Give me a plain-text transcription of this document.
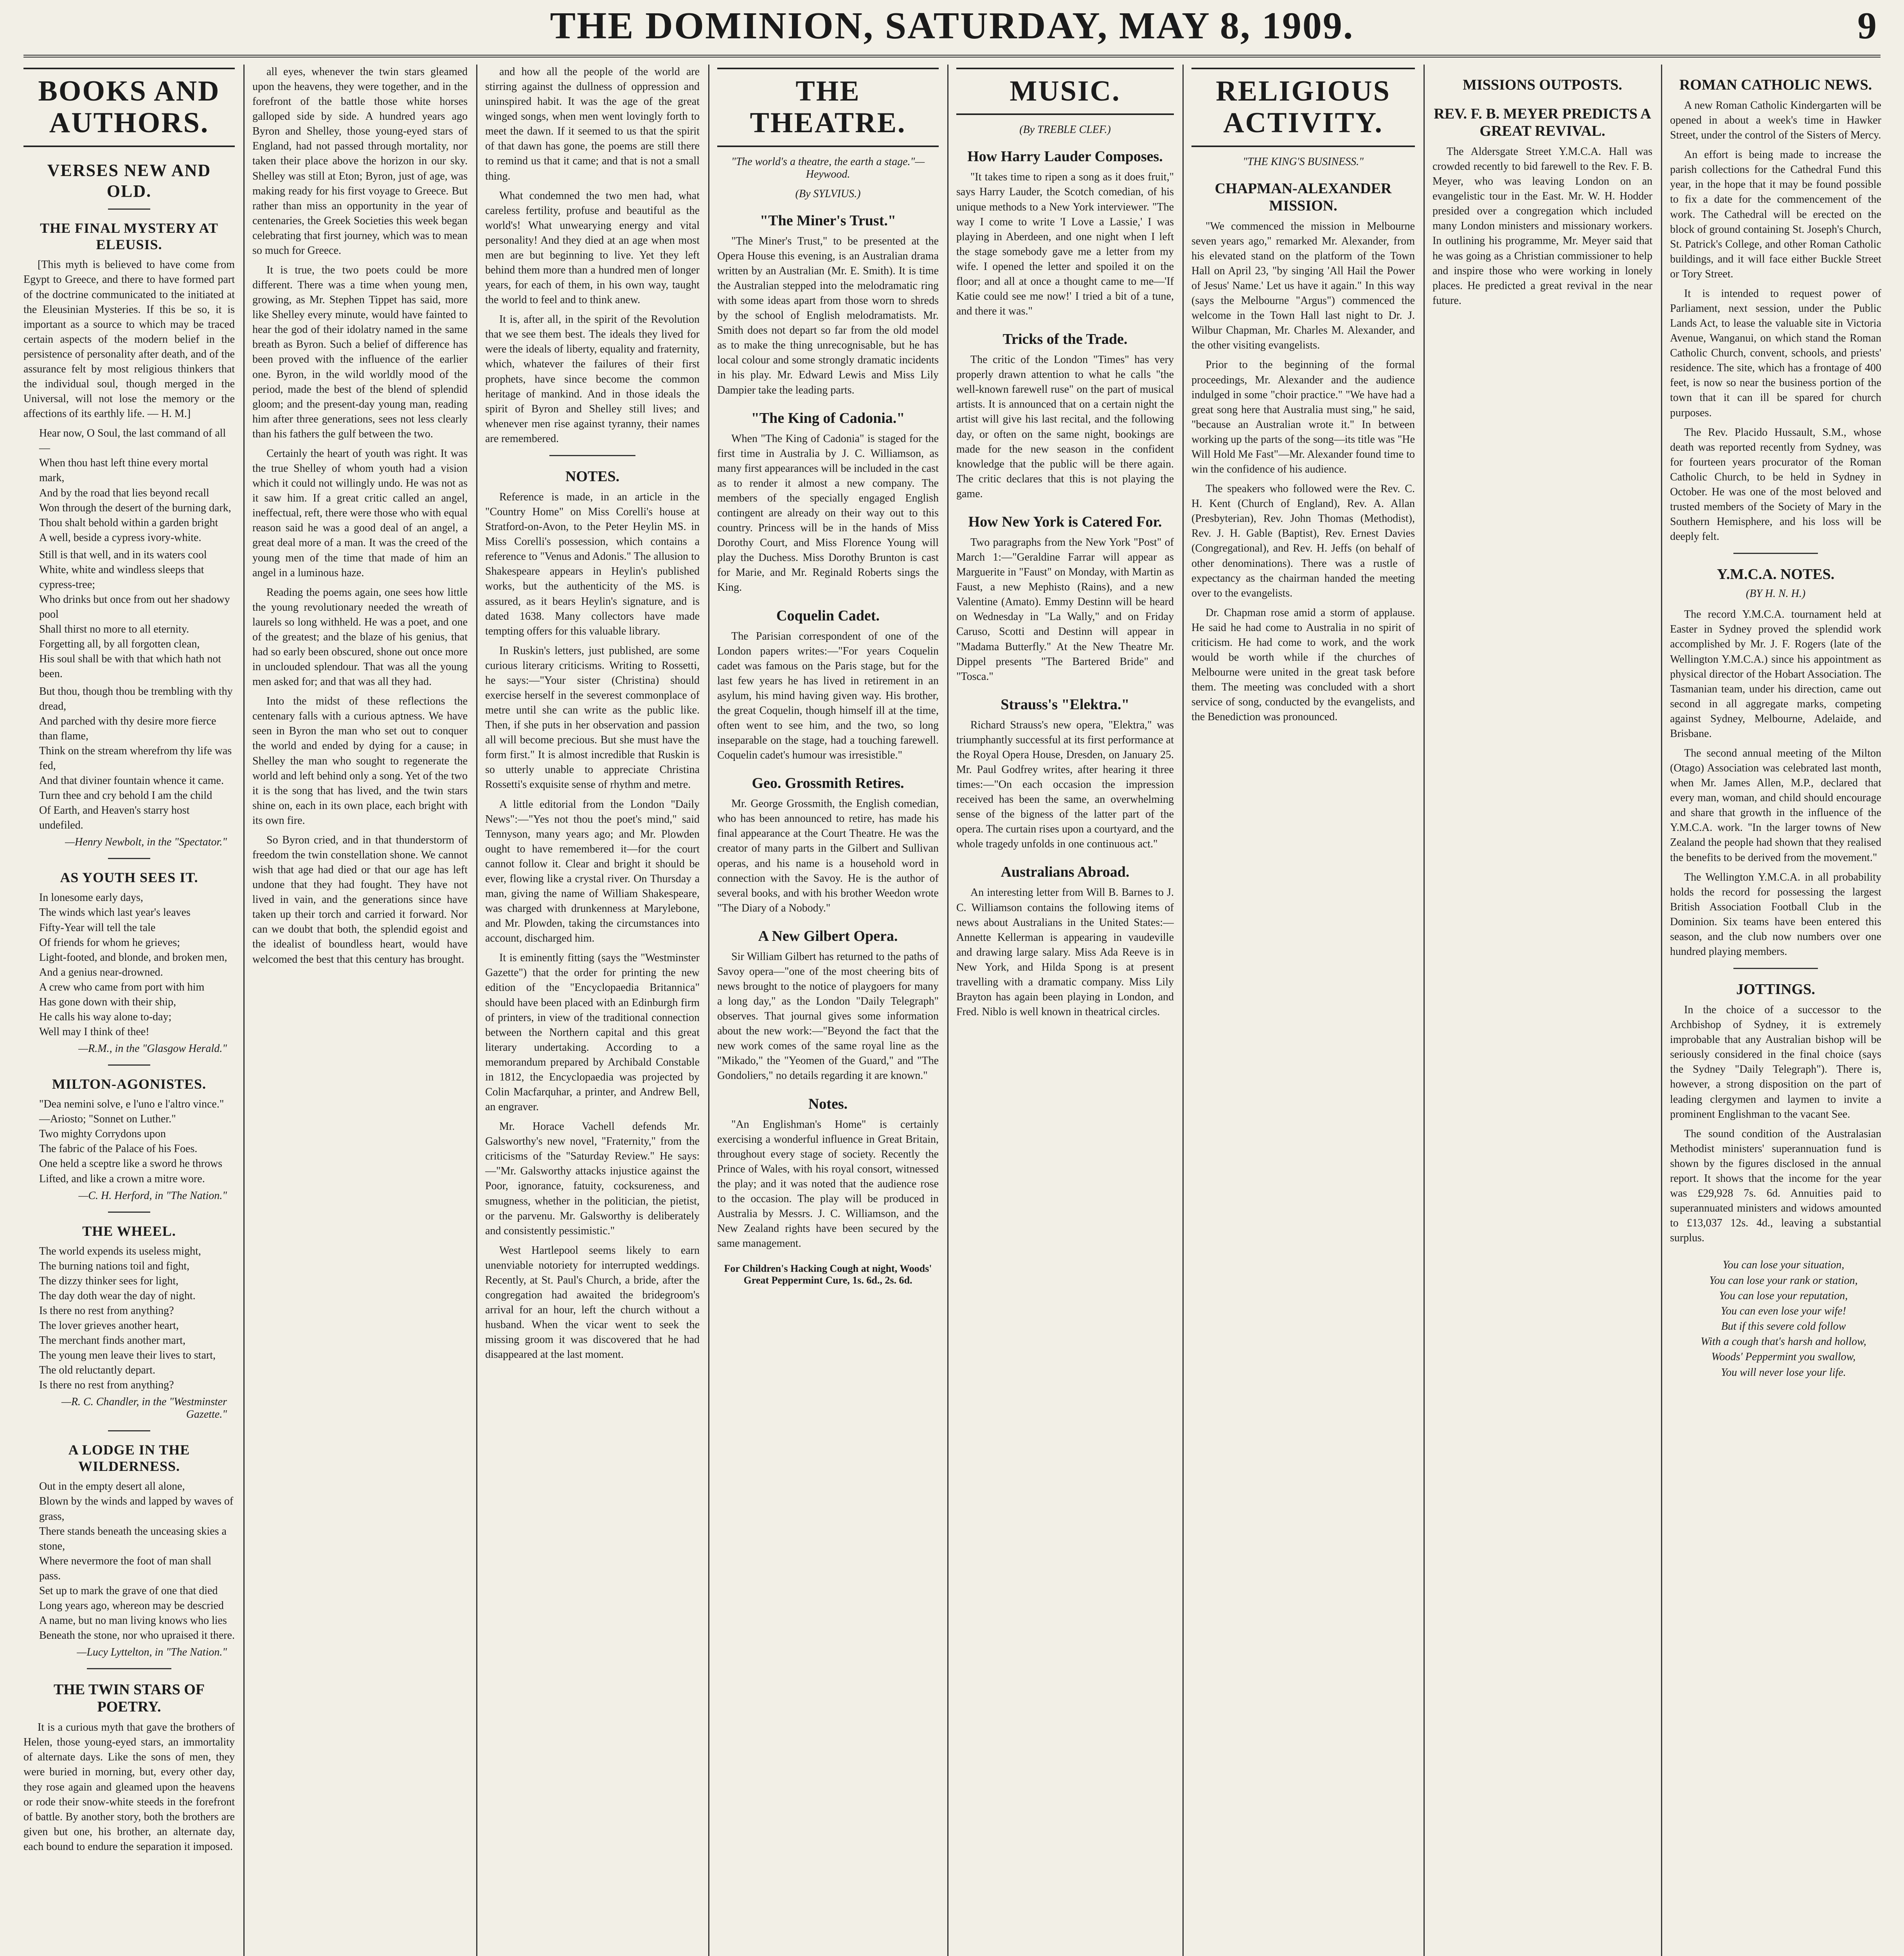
THE DOMINION, SATURDAY, MAY 8, 1909.	9
BOOKS AND AUTHORS.
VERSES NEW AND OLD.
THE FINAL MYSTERY AT ELEUSIS.

[This myth is believed to have come from Egypt to Greece, and there to have formed part of the doctrine communicated to the initiated at the Eleusinian Mysteries. If this be so, it is important as a source to which may be traced certain aspects of the modern belief in the persistence of personality after death, and of the assurance felt by most religious thinkers that the individual soul, though merged in the Universal, will not lose the memory or the affections of its earthly life. — H. M.]

Hear now, O Soul, the last command of all—
When thou hast left thine every mortal mark,
And by the road that lies beyond recall
Won through the desert of the burning dark,
Thou shalt behold within a garden bright
A well, beside a cypress ivory-white.
Still is that well, and in its waters cool
White, white and windless sleeps that cypress-tree;
Who drinks but once from out her shadowy pool
Shall thirst no more to all eternity.
Forgetting all, by all forgotten clean,
His soul shall be with that which hath not been.
But thou, though thou be trembling with thy dread,
And parched with thy desire more fierce than flame,
Think on the stream wherefrom thy life was fed,
And that diviner fountain whence it came.
Turn thee and cry behold I am the child
Of Earth, and Heaven's starry host undefiled.
—Henry Newbolt, in the "Spectator."
AS YOUTH SEES IT.
In lonesome early days,
The winds which last year's leaves
Fifty-Year will tell the tale
Of friends for whom he grieves;
Light-footed, and blonde, and broken men,
And a genius near-drowned.
A crew who came from port with him
Has gone down with their ship,
He calls his way alone to-day;
Well may I think of thee!
—R.M., in the "Glasgow Herald."
MILTON-AGONISTES.
"Dea nemini solve, e l'uno e l'altro vince."
—Ariosto; "Sonnet on Luther."
Two mighty Corrydons upon
The fabric of the Palace of his Foes.
One held a sceptre like a sword he throws
Lifted, and like a crown a mitre wore.
—C. H. Herford, in "The Nation."
THE WHEEL.
The world expends its useless might,
The burning nations toil and fight,
The dizzy thinker sees for light,
The day doth wear the day of night.
Is there no rest from anything?
The lover grieves another heart,
The merchant finds another mart,
The young men leave their lives to start,
The old reluctantly depart.
Is there no rest from anything?
—R. C. Chandler, in the "Westminster Gazette."
A LODGE IN THE WILDERNESS.
Out in the empty desert all alone,
Blown by the winds and lapped by waves of grass,
There stands beneath the unceasing skies a stone,
Where nevermore the foot of man shall pass.
Set up to mark the grave of one that died
Long years ago, whereon may be descried
A name, but no man living knows who lies
Beneath the stone, nor who upraised it there.
—Lucy Lyttelton, in "The Nation."
THE TWIN STARS OF POETRY.

It is a curious myth that gave the brothers of Helen, those young-eyed stars, an immortality of alternate days. Like the sons of men, they were buried in morning, but, every other day, they rose again and gleamed upon the heavens or rode their snow-white steeds in the forefront of battle. By another story, both the brothers are given but one, his brother, an alternate day, each bound to endure the separation it imposed.

all eyes, whenever the twin stars gleamed upon the heavens, they were together, and in the forefront of the battle those white horses galloped side by side. A hundred years ago Byron and Shelley, those young-eyed stars of England, had not passed through mortality, nor taken their place above the horizon in our sky. Shelley was still at Eton; Byron, just of age, was making ready for his first voyage to Greece. But rather than miss an opportunity in the year of centenaries, the Greek Societies this week began celebrating that first journey, which was to mean so much for Greece.

It is true, the two poets could be more different. There was a time when young men, growing, as Mr. Stephen Tippet has said, more like Shelley every minute, would have fainted to hear the god of their idolatry named in the same breath as Byron. Such a belief of difference has been proved with the influence of the earlier one. Byron, in the wild worldly mood of the period, made the best of the blend of splendid gloom; and the present-day young man, reading him after three generations, sees not less clearly than his fathers the gulf between the two.

Certainly the heart of youth was right. It was the true Shelley of whom youth had a vision which it could not willingly undo. He was not as it saw him. If a great critic called an angel, ineffectual, reft, there were those who with equal reason said he was a good deal of an angel, a great deal more of a man. It was the creed of the young men of the time that made of him an angel in a luminous haze.

Reading the poems again, one sees how little the young revolutionary needed the wreath of laurels so long withheld. He was a poet, and one of the greatest; and the blaze of his genius, that had so early been obscured, shone out once more in unclouded splendour. That was all the young men asked for; and that was all they had.

Into the midst of these reflections the centenary falls with a curious aptness. We have seen in Byron the man who set out to conquer the world and ended by dying for a cause; in Shelley the man who sought to regenerate the world and left behind only a song. Yet of the two it is the song that has lived, and the twin stars shine on, each in its own place, each bright with its own fire.

So Byron cried, and in that thunderstorm of freedom the twin constellation shone. We cannot wish that age had died or that our age has left undone that they had fought. They have not lived in vain, and the generations since have taken up their torch and carried it forward. Nor can we doubt that both, the splendid egoist and the idealist of boundless heart, would have welcomed the best that this century has brought.

and how all the people of the world are stirring against the dullness of oppression and uninspired habit. It was the age of the great winged songs, when men went lovingly forth to meet the dawn. If it seemed to us that the spirit of that dawn has gone, the poems are still there to remind us that it came; and that is not a small thing.

What condemned the two men had, what careless fertility, profuse and beautiful as the world's! What unwearying energy and vital personality! And they died at an age when most men are but beginning to live. Yet they left behind them more than a hundred men of longer years, for each of them, in his own way, taught the world to feel and to think anew.

It is, after all, in the spirit of the Revolution that we see them best. The ideals they lived for were the ideals of liberty, equality and fraternity, which, whatever the failures of their first prophets, have since become the common heritage of mankind. And in those ideals the spirit of Byron and Shelley still lives; and whenever men rise against tyranny, their names are remembered.

NOTES.

Reference is made, in an article in the "Country Home" on Miss Corelli's house at Stratford-on-Avon, to the Peter Heylin MS. in Miss Corelli's possession, which contains a reference to "Venus and Adonis." The allusion to Shakespeare appears in Heylin's published works, but the authenticity of the MS. is assured, as it bears Heylin's signature, and is dated 1638. Many collectors have made tempting offers for this valuable library.

In Ruskin's letters, just published, are some curious literary criticisms. Writing to Rossetti, he says:—"Your sister (Christina) should exercise herself in the severest commonplace of metre until she can write as the public like. Then, if she puts in her observation and passion all will become precious. But she must have the form first." It is almost incredible that Ruskin is so utterly unable to appreciate Christina Rossetti's exquisite sense of rhythm and metre.

A little editorial from the London "Daily News":—"Yes not thou the poet's mind," said Tennyson, many years ago; and Mr. Plowden ought to have remembered it—for the court cannot follow it. Clear and bright it should be ever, flowing like a crystal river. On Thursday a man, giving the name of William Shakespeare, was charged with drunkenness at Marylebone, and Mr. Plowden, taking the circumstances into account, discharged him.

It is eminently fitting (says the "Westminster Gazette") that the order for printing the new edition of the "Encyclopaedia Britannica" should have been placed with an Edinburgh firm of printers, in view of the traditional connection between the Northern capital and this great literary undertaking. According to a memorandum prepared by Archibald Constable in 1812, the Encyclopaedia was projected by Colin Macfarquhar, a printer, and Andrew Bell, an engraver.

Mr. Horace Vachell defends Mr. Galsworthy's new novel, "Fraternity," from the criticisms of the "Saturday Review." He says:—"Mr. Galsworthy attacks injustice against the Poor, ignorance, fatuity, cocksureness, and smugness, whether in the politician, the pietist, or the parvenu. Mr. Galsworthy is deliberately and consistently pessimistic."

West Hartlepool seems likely to earn unenviable notoriety for interrupted weddings. Recently, at St. Paul's Church, a bride, after the congregation had awaited the bridegroom's arrival for an hour, left the church without a husband. When the vicar went to seek the missing groom it was discovered that he had disappeared at the last moment.

THE THEATRE.
"The world's a theatre, the earth a stage."—Heywood.
(By SYLVIUS.)
"The Miner's Trust."

"The Miner's Trust," to be presented at the Opera House this evening, is an Australian drama written by an Australian (Mr. E. Smith). It is time the Australian stepped into the melodramatic ring with some ideas apart from those worn to shreds by the school of English melodramatists. Mr. Smith does not depart so far from the old model as to make the thing unrecognisable, but he has local colour and some strongly dramatic incidents in his play. Mr. Edward Lewis and Miss Lily Dampier take the leading parts.

"The King of Cadonia."

When "The King of Cadonia" is staged for the first time in Australia by J. C. Williamson, as many first appearances will be included in the cast as to render it almost a new company. The members of the specially engaged English contingent are already on their way out to this country. Princess will be in the hands of Miss Dorothy Court, and Miss Florence Young will play the Duchess. Miss Dorothy Brunton is cast for Marie, and Mr. Reginald Roberts sings the King.

Coquelin Cadet.

The Parisian correspondent of one of the London papers writes:—"For years Coquelin cadet was famous on the Paris stage, but for the last few years he has lived in retirement in an asylum, his mind having given way. His brother, the great Coquelin, though himself ill at the time, often went to see him, and the two, so long inseparable on the stage, had a touching farewell. Coquelin cadet's humour was irresistible."

Geo. Grossmith Retires.

Mr. George Grossmith, the English comedian, who has been announced to retire, has made his final appearance at the Court Theatre. He was the creator of many parts in the Gilbert and Sullivan operas, and his name is a household word in connection with the Savoy. He is the author of several books, and with his brother Weedon wrote "The Diary of a Nobody."

A New Gilbert Opera.

Sir William Gilbert has returned to the paths of Savoy opera—"one of the most cheering bits of news brought to the notice of playgoers for many a long day," as the London "Daily Telegraph" observes. That journal gives some information about the new work:—"Beyond the fact that the new work comes of the same royal line as the "Mikado," the "Yeomen of the Guard," and "The Gondoliers," no details regarding it are known."

Notes.

"An Englishman's Home" is certainly exercising a wonderful influence in Great Britain, throughout every stage of society. Recently the Prince of Wales, with his royal consort, witnessed the play; and it was noted that the audience rose to the occasion. The play will be produced in Australia by Messrs. J. C. Williamson, and the New Zealand rights have been secured by the same management.

For Children's Hacking Cough at night, Woods' Great Peppermint Cure, 1s. 6d., 2s. 6d.
MUSIC.
(By TREBLE CLEF.)
How Harry Lauder Composes.

"It takes time to ripen a song as it does fruit," says Harry Lauder, the Scotch comedian, of his unique methods to a New York interviewer. "The way I come to write 'I Love a Lassie,' I was playing in Aberdeen, and one night when I left the stage somebody gave me a letter from my wife. I opened the letter and spoiled it on the floor; and all at once a thought came to me—'If Katie could see me now!' I tried a bit of a tune, and there it was."

Tricks of the Trade.

The critic of the London "Times" has very properly drawn attention to what he calls "the well-known farewell ruse" on the part of musical artists. It is announced that on a certain night the artist will give his last recital, and the following day, or often on the same night, bookings are made for the new season in the confident knowledge that the public will be there again. The critic declares that this is not playing the game.

How New York is Catered For.

Two paragraphs from the New York "Post" of March 1:—"Geraldine Farrar will appear as Marguerite in "Faust" on Monday, with Martin as Faust, a new Mephisto (Rains), and a new Valentine (Amato). Emmy Destinn will be heard on Wednesday in "La Wally," and on Friday Caruso, Scotti and Destinn will appear in "Madama Butterfly." At the New Theatre Mr. Dippel presents "The Bartered Bride" and "Tosca."

Strauss's "Elektra."

Richard Strauss's new opera, "Elektra," was triumphantly successful at its first performance at the Royal Opera House, Dresden, on January 25. Mr. Paul Godfrey writes, after hearing it three times:—"On each occasion the impression received has been the same, an overwhelming sense of the bigness of the latter part of the opera. The curtain rises upon a courtyard, and the whole tragedy unfolds in one continuous act."

Australians Abroad.

An interesting letter from Will B. Barnes to J. C. Williamson contains the following items of news about Australians in the United States:—Annette Kellerman is appearing in vaudeville and drawing large salary. Miss Ada Reeve is in New York, and Hilda Spong is at present travelling with a dramatic company. Miss Lily Brayton has again been playing in London, and Fred. Niblo is well known in theatrical circles.

RELIGIOUS ACTIVITY.
"THE KING'S BUSINESS."
CHAPMAN-ALEXANDER MISSION.

"We commenced the mission in Melbourne seven years ago," remarked Mr. Alexander, from his elevated stand on the platform of the Town Hall on April 23, "by singing 'All Hail the Power of Jesus' Name.' Let us have it again." In this way (says the Melbourne "Argus") commenced the welcome in the Town Hall last night to Dr. J. Wilbur Chapman, Mr. Charles M. Alexander, and the other visiting evangelists.

Prior to the beginning of the formal proceedings, Mr. Alexander and the audience indulged in some "choir practice." "We have had a great song here that Australia must sing," he said, "because an Australian wrote it." In between working up the parts of the song—its title was "He Will Hold Me Fast"—Mr. Alexander found time to win the confidence of his audience.

The speakers who followed were the Rev. C. H. Kent (Church of England), Rev. A. Allan (Presbyterian), Rev. John Thomas (Methodist), Rev. J. H. Gable (Baptist), Rev. Ernest Davies (Congregational), and Rev. H. Jeffs (on behalf of other denominations). There was a rustle of expectancy as the chairman handed the meeting over to the evangelists.

Dr. Chapman rose amid a storm of applause. He said he had come to Australia in no spirit of criticism. He had come to work, and the work would be worth while if the churches of Melbourne were united in the great task before them. The meeting was concluded with a short service of song, conducted by the evangelists, and the Benediction was pronounced.

MISSIONS OUTPOSTS.
REV. F. B. MEYER PREDICTS A GREAT REVIVAL.

The Aldersgate Street Y.M.C.A. Hall was crowded recently to bid farewell to the Rev. F. B. Meyer, who was leaving London on an evangelistic tour in the East. Mr. W. H. Hodder presided over a congregation which included many London ministers and missionary workers. In outlining his programme, Mr. Meyer said that he was going as a Christian commissioner to help and inspire those who were working in lonely places. He predicted a great revival in the near future.

ROMAN CATHOLIC NEWS.

A new Roman Catholic Kindergarten will be opened in about a week's time in Hawker Street, under the control of the Sisters of Mercy.

An effort is being made to increase the parish collections for the Cathedral Fund this year, in the hope that it may be found possible to fix a date for the commencement of the work. The Cathedral will be erected on the block of ground containing St. Joseph's Church, St. Patrick's College, and other Roman Catholic buildings, and it will face either Buckle Street or Tory Street.

It is intended to request power of Parliament, next session, under the Public Lands Act, to lease the valuable site in Victoria Avenue, Wanganui, on which stand the Roman Catholic Church, convent, schools, and priests' residence. The site, which has a frontage of 400 feet, is now so near the business portion of the town that it can ill be spared for church purposes.

The Rev. Placido Hussault, S.M., whose death was reported recently from Sydney, was for fourteen years procurator of the Roman Catholic Church, to be held in Sydney in October. He was one of the most beloved and trusted members of the Society of Mary in the Southern Hemisphere, and his loss will be deeply felt.

Y.M.C.A. NOTES.
(BY H. N. H.)

The record Y.M.C.A. tournament held at Easter in Sydney proved the splendid work accomplished by Mr. J. F. Rogers (late of the Wellington Y.M.C.A.) since his appointment as physical director of the Hobart Association. The Tasmanian team, under his direction, came out second in all aggregate marks, competing against Sydney, Melbourne, Adelaide, and Brisbane.

The second annual meeting of the Milton (Otago) Association was celebrated last month, when Mr. James Allen, M.P., declared that every man, woman, and child should encourage and share that growth in the influence of the Y.M.C.A. work. "In the larger towns of New Zealand the people had shown that they realised the benefits to be derived from the movement."

The Wellington Y.M.C.A. in all probability holds the record for possessing the largest British Association Football Club in the Dominion. Six teams have been entered this season, and the club now numbers over one hundred playing members.

JOTTINGS.

In the choice of a successor to the Archbishop of Sydney, it is extremely improbable that any Australian bishop will be seriously considered in the final choice (says the Sydney "Daily Telegraph"). There is, however, a strong disposition on the part of leading clergymen and laymen to invite a prominent Englishman to the vacant See.

The sound condition of the Australasian Methodist ministers' superannuation fund is shown by the figures disclosed in the annual report. It shows that the income for the year was £29,928 7s. 6d. Annuities paid to superannuated ministers and widows amounted to £13,037 12s. 4d., leaving a substantial surplus.

You can lose your situation,
You can lose your rank or station,
You can lose your reputation,
You can even lose your wife!
But if this severe cold follow
With a cough that's harsh and hollow,
Woods' Peppermint you swallow,
You will never lose your life.
